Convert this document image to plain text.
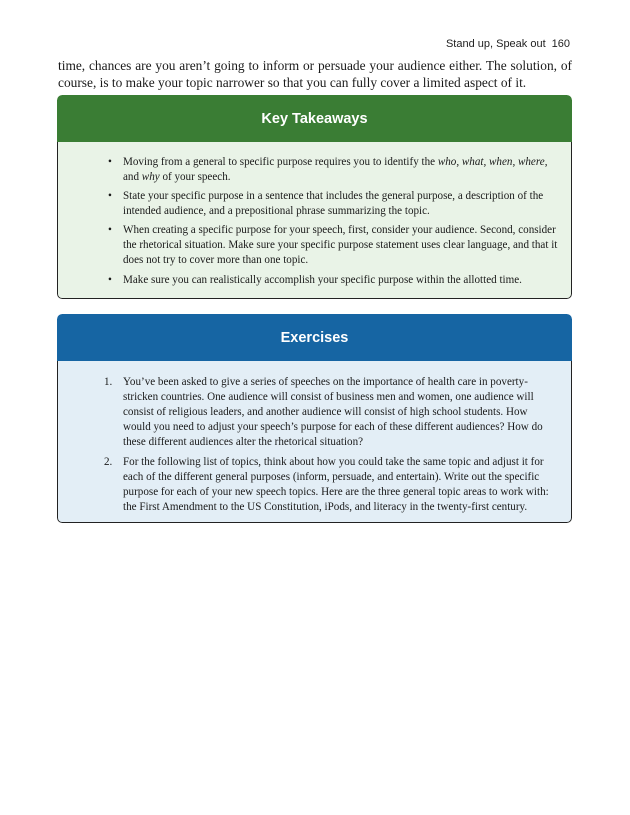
Stand up, Speak out 160

time, chances are you aren’t going to inform or persuade your audience either. The solution, of course, is to make your topic narrower so that you can fully cover a limited aspect of it.

Key Takeaways
• Moving from a general to specific purpose requires you to identify the who, what, when, where, and why of your speech.
• State your specific purpose in a sentence that includes the general purpose, a description of the intended audience, and a prepositional phrase summarizing the topic.
• When creating a specific purpose for your speech, first, consider your audience. Second, consider the rhetorical situation. Make sure your specific purpose statement uses clear language, and that it does not try to cover more than one topic.
• Make sure you can realistically accomplish your specific purpose within the allotted time.
Exercises
1. You’ve been asked to give a series of speeches on the importance of health care in poverty-stricken countries. One audience will consist of business men and women, one audience will consist of religious leaders, and another audience will consist of high school students. How would you need to adjust your speech’s purpose for each of these different audiences? How do these different audiences alter the rhetorical situation?
2. For the following list of topics, think about how you could take the same topic and adjust it for each of the different general purposes (inform, persuade, and entertain). Write out the specific purpose for each of your new speech topics. Here are the three general topic areas to work with: the First Amendment to the US Constitution, iPods, and literacy in the twenty-first century.
